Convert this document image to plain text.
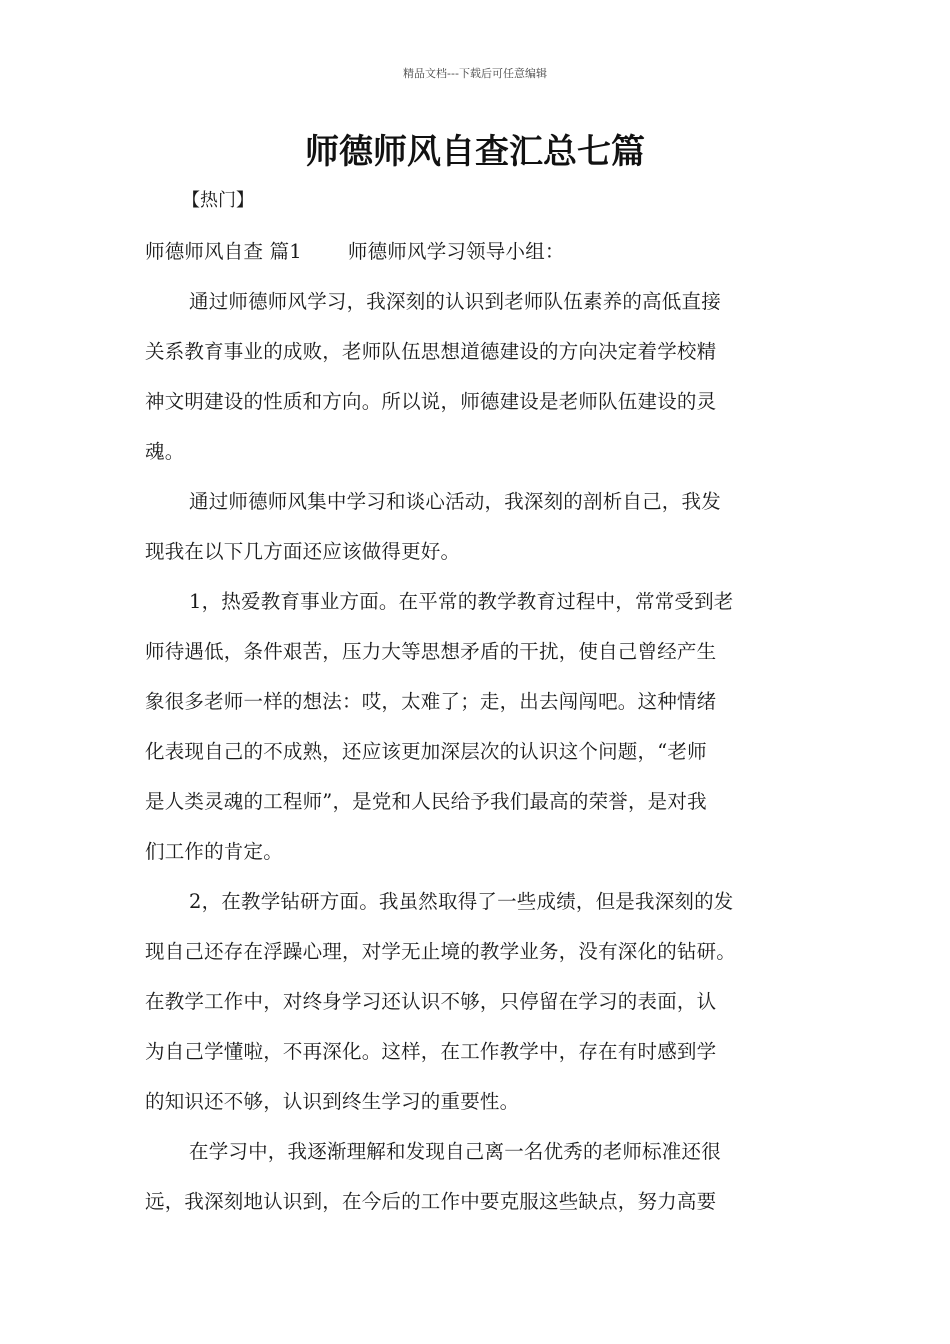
精品文档---下载后可任意编辑
师德师风自查汇总七篇
【热门】
师德师风自查 篇1 师德师风学习领导小组：
通过师德师风学习，我深刻的认识到老师队伍素养的高低直接
关系教育事业的成败，老师队伍思想道德建设的方向决定着学校精
神文明建设的性质和方向。所以说，师德建设是老师队伍建设的灵
魂。
通过师德师风集中学习和谈心活动，我深刻的剖析自己，我发
现我在以下几方面还应该做得更好。
1，热爱教育事业方面。在平常的教学教育过程中，常常受到老
师待遇低，条件艰苦，压力大等思想矛盾的干扰，使自己曾经产生
象很多老师一样的想法：哎，太难了；走，出去闯闯吧。这种情绪
化表现自己的不成熟，还应该更加深层次的认识这个问题，“老师
是人类灵魂的工程师”，是党和人民给予我们最高的荣誉，是对我
们工作的肯定。
2，在教学钻研方面。我虽然取得了一些成绩，但是我深刻的发
现自己还存在浮躁心理，对学无止境的教学业务，没有深化的钻研。
在教学工作中，对终身学习还认识不够，只停留在学习的表面，认
为自己学懂啦，不再深化。这样，在工作教学中，存在有时感到学
的知识还不够，认识到终生学习的重要性。
在学习中，我逐渐理解和发现自己离一名优秀的老师标准还很
远，我深刻地认识到，在今后的工作中要克服这些缺点，努力高要
